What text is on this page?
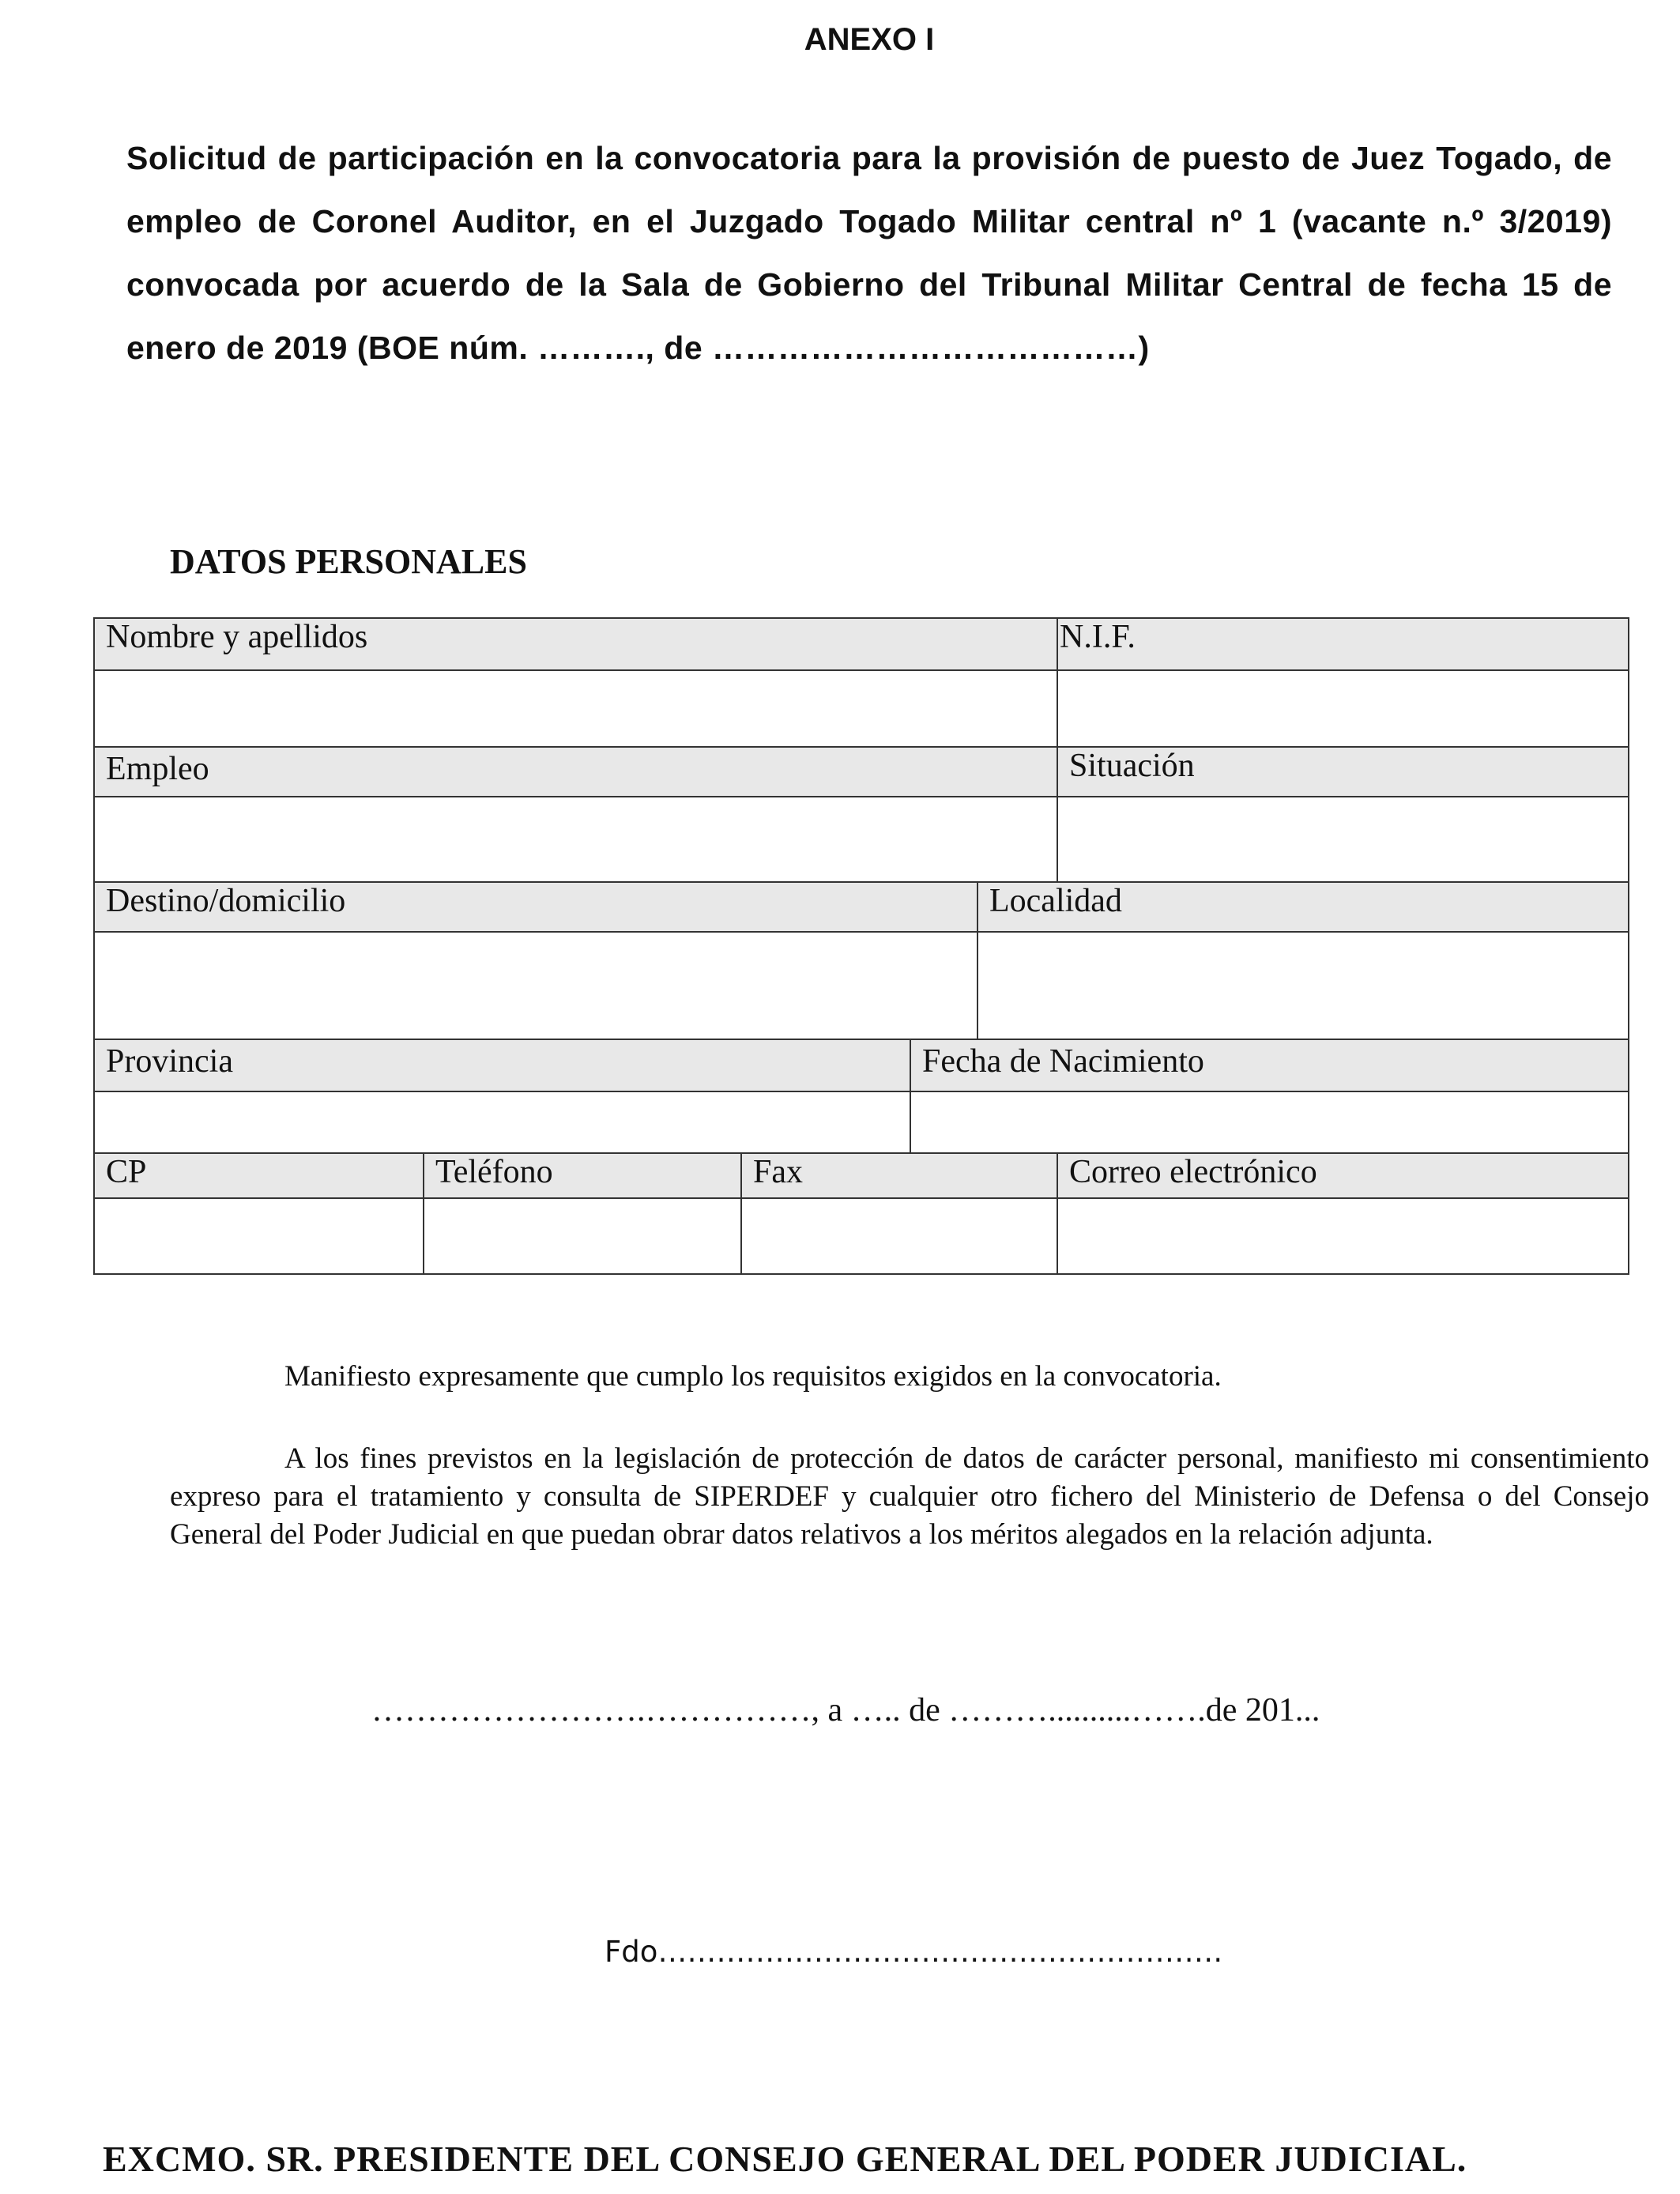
ANEXO I
Solicitud de participación en la convocatoria para la provisión de puesto de Juez Togado, de empleo de Coronel Auditor, en el Juzgado Togado Militar central nº 1 (vacante n.º 3/2019) convocada por acuerdo de la Sala de Gobierno del Tribunal Militar Central de fecha 15 de enero de 2019 (BOE núm. ………., de …………………………………)
DATOS PERSONALES
Nombre y apellidos	N.I.F.
Empleo	Situación
Destino/domicilio	Localidad
Provincia	Fecha de Nacimiento
CP	Teléfono	Fax	Correo electrónico
Manifiesto expresamente que cumplo los requisitos exigidos en la convocatoria.
A los fines previstos en la legislación de protección de datos de carácter personal, manifiesto mi consentimiento expreso para el tratamiento y consulta de SIPERDEF y cualquier otro fichero del Ministerio de Defensa o del Consejo General del Poder Judicial en que puedan obrar datos relativos a los méritos alegados en la relación adjunta.
…………………….……………, a ….. de ………..........…….de 201...
Fdo………………………………………………….
EXCMO. SR. PRESIDENTE DEL CONSEJO GENERAL DEL PODER JUDICIAL.
